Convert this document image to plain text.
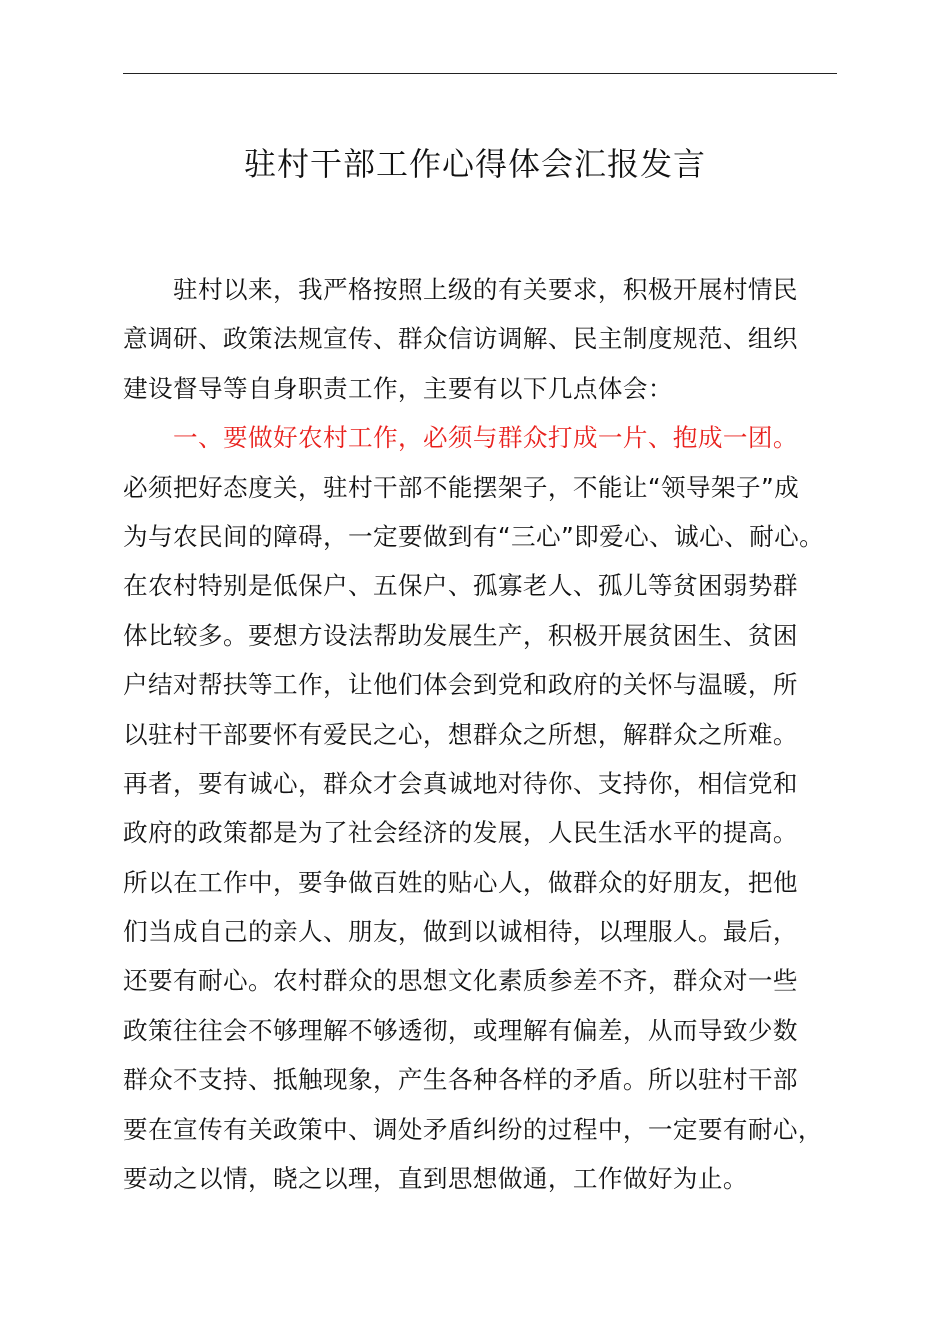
驻村干部工作心得体会汇报发言
驻村以来，我严格按照上级的有关要求，积极开展村情民
意调研、政策法规宣传、群众信访调解、民主制度规范、组织
建设督导等自身职责工作，主要有以下几点体会：
一、要做好农村工作，必须与群众打成一片、抱成一团。
必须把好态度关，驻村干部不能摆架子，不能让“领导架子”成
为与农民间的障碍，一定要做到有“三心”即爱心、诚心、耐心。
在农村特别是低保户、五保户、孤寡老人、孤儿等贫困弱势群
体比较多。要想方设法帮助发展生产，积极开展贫困生、贫困
户结对帮扶等工作，让他们体会到党和政府的关怀与温暖，所
以驻村干部要怀有爱民之心，想群众之所想，解群众之所难。
再者，要有诚心，群众才会真诚地对待你、支持你，相信党和
政府的政策都是为了社会经济的发展，人民生活水平的提高。
所以在工作中，要争做百姓的贴心人，做群众的好朋友，把他
们当成自己的亲人、朋友，做到以诚相待，以理服人。最后，
还要有耐心。农村群众的思想文化素质参差不齐，群众对一些
政策往往会不够理解不够透彻，或理解有偏差，从而导致少数
群众不支持、抵触现象，产生各种各样的矛盾。所以驻村干部
要在宣传有关政策中、调处矛盾纠纷的过程中，一定要有耐心，
要动之以情，晓之以理，直到思想做通，工作做好为止。
